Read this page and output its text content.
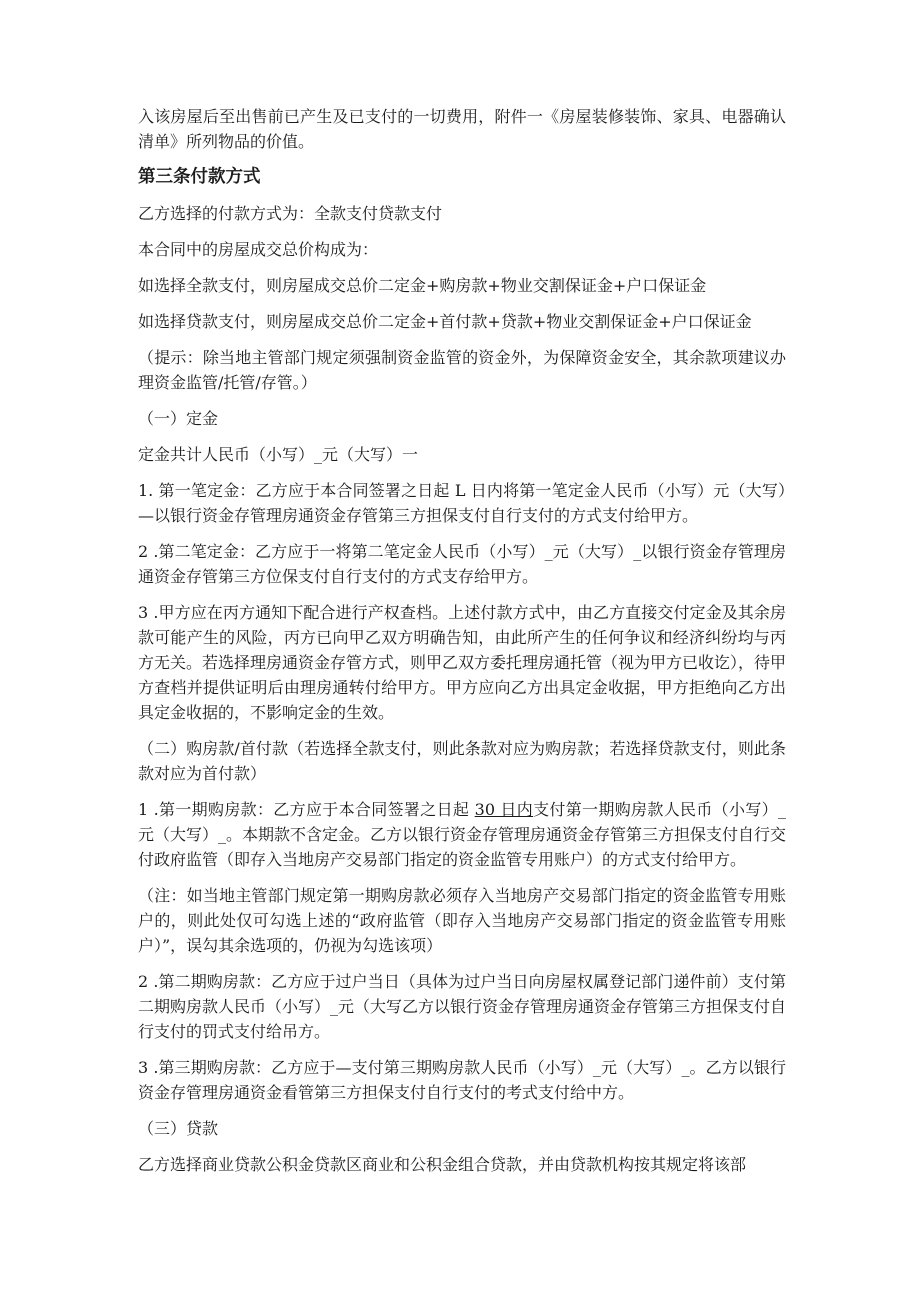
入该房屋后至出售前已产生及已支付的一切费用，附件一《房屋装修装饰、家具、电器确认清单》所列物品的价值。

第三条付款方式

乙方选择的付款方式为：全款支付贷款支付

本合同中的房屋成交总价构成为：

如选择全款支付，则房屋成交总价二定金+购房款+物业交割保证金+户口保证金

如选择贷款支付，则房屋成交总价二定金+首付款+贷款+物业交割保证金+户口保证金

（提示：除当地主管部门规定须强制资金监管的资金外，为保障资金安全，其余款项建议办理资金监管/托管/存管。）

（一）定金

定金共计人民币（小写）_元（大写）一

1. 第一笔定金：乙方应于本合同签署之日起 L 日内将第一笔定金人民币（小写）元（大写）—以银行资金存管理房通资金存管第三方担保支付自行支付的方式支付给甲方。

2 .第二笔定金：乙方应于一将第二笔定金人民币（小写）_元（大写）_以银行资金存管理房通资金存管第三方位保支付自行支付的方式支存给甲方。

3 .甲方应在丙方通知下配合进行产权查档。上述付款方式中，由乙方直接交付定金及其余房款可能产生的风险，丙方已向甲乙双方明确告知，由此所产生的任何争议和经济纠纷均与丙方无关。若选择理房通资金存管方式，则甲乙双方委托理房通托管（视为甲方已收讫），待甲方查档并提供证明后由理房通转付给甲方。甲方应向乙方出具定金收据，甲方拒绝向乙方出具定金收据的，不影响定金的生效。

（二）购房款/首付款（若选择全款支付，则此条款对应为购房款；若选择贷款支付，则此条款对应为首付款）

1 .第一期购房款：乙方应于本合同签署之日起 30 日内支付第一期购房款人民币（小写）_元（大写）_。本期款不含定金。乙方以银行资金存管理房通资金存管第三方担保支付自行交付政府监管（即存入当地房产交易部门指定的资金监管专用账户）的方式支付给甲方。

（注：如当地主管部门规定第一期购房款必须存入当地房产交易部门指定的资金监管专用账户的，则此处仅可勾选上述的“政府监管（即存入当地房产交易部门指定的资金监管专用账户）”，误勾其余选项的，仍视为勾选该项）

2 .第二期购房款：乙方应于过户当日（具体为过户当日向房屋权属登记部门递件前）支付第二期购房款人民币（小写）_元（大写乙方以银行资金存管理房通资金存管第三方担保支付自行支付的罚式支付给吊方。

3 .第三期购房款：乙方应于—支付第三期购房款人民币（小写）_元（大写）_。乙方以银行资金存管理房通资金看管第三方担保支付自行支付的考式支付给中方。

（三）贷款

乙方选择商业贷款公积金贷款区商业和公积金组合贷款，并由贷款机构按其规定将该部
